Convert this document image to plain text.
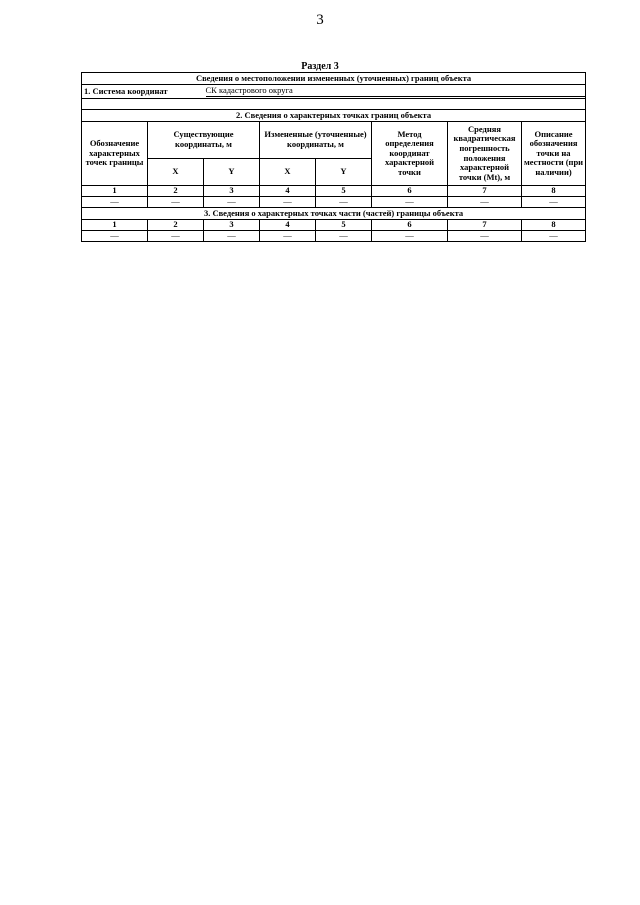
3
Раздел 3
Сведения о местоположении измененных (уточненных) границ объекта							
1. Система координат		СК кадастрового округа					

2. Сведения о характерных точках границ объекта							
Обозначение характерных точек границы	Существующие координаты, м		Измененные (уточненные) координаты, м		Метод определения координат характерной точки	Средняя квадратическая погрешность положения характерной точки (Mt), м	Описание обозначения точки на местности (при наличии)
	X	Y	X	Y			
1	2	3	4	5	6	7	8
—	—	—	—	—	—	—	—
3. Сведения о характерных точках части (частей) границы объекта							
1	2	3	4	5	6	7	8
—	—	—	—	—	—	—	—
